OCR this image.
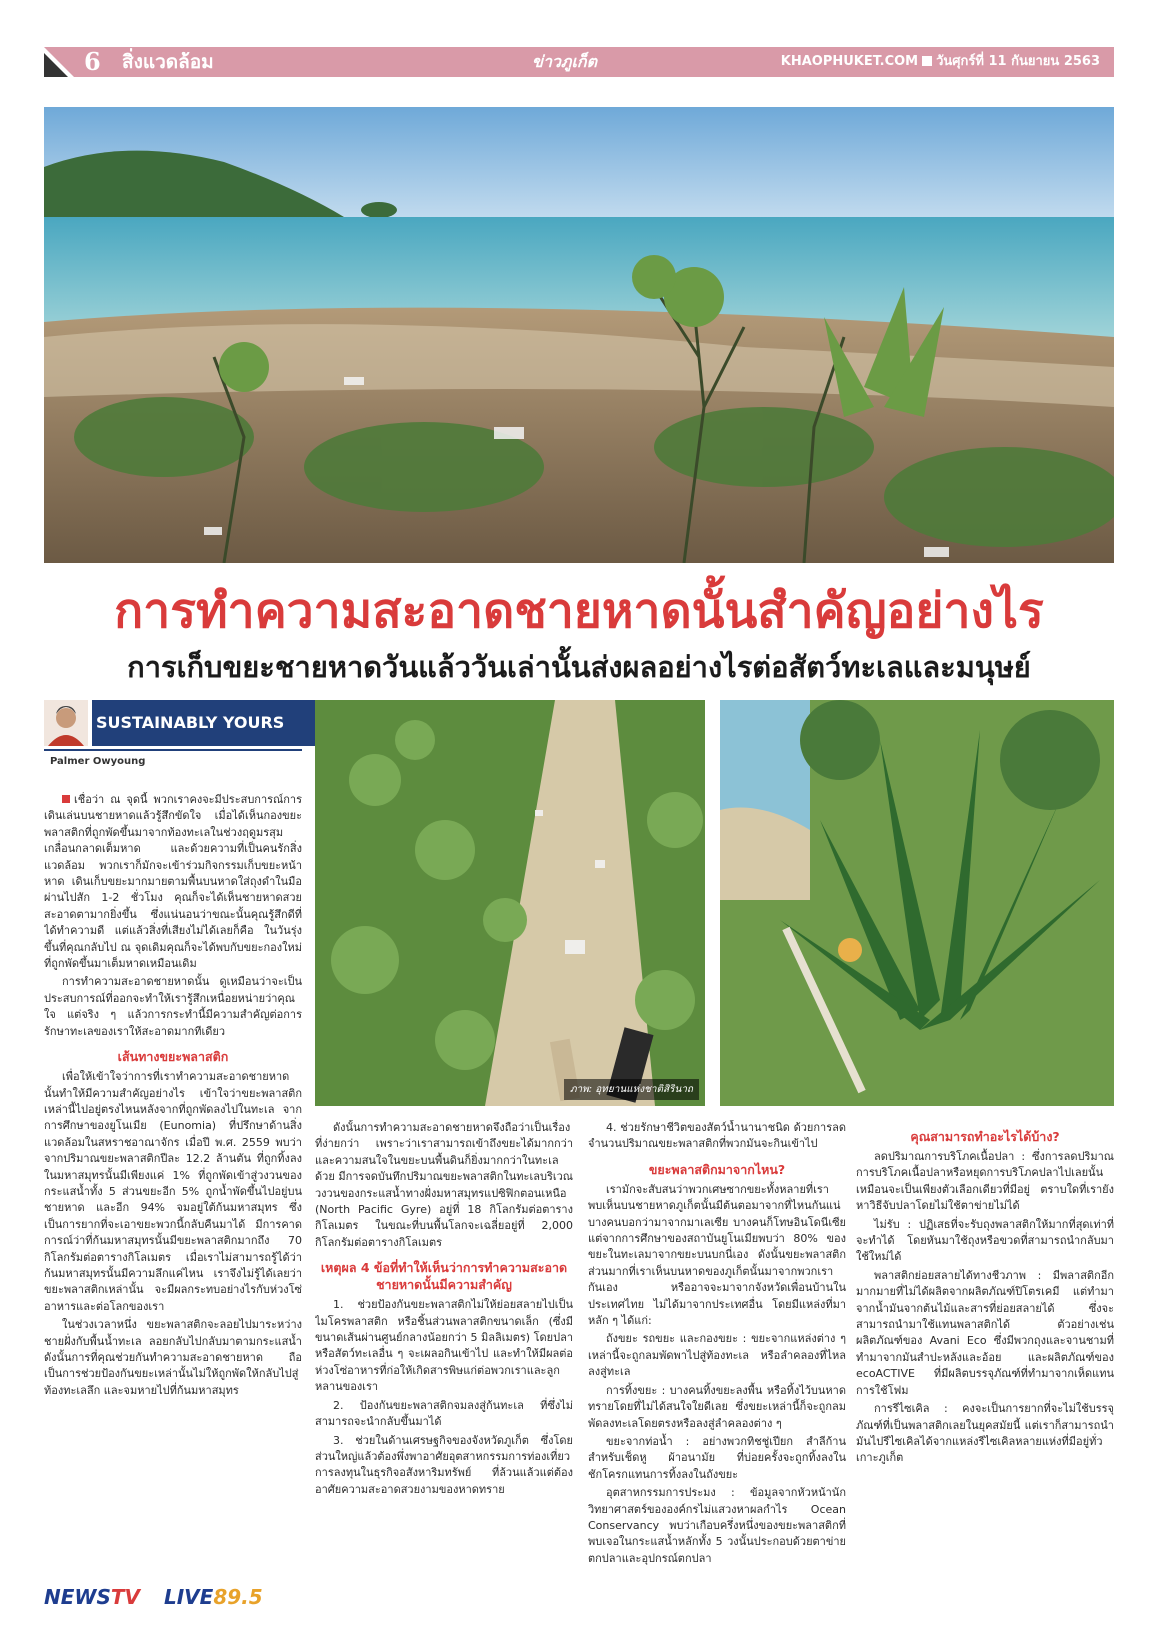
6 สิ่งแวดล้อม	ข่าวภูเก็ต	KHAOPHUKET.COM วันศุกร์ที่ 11 กันยายน 2563
การทำความสะอาดชายหาดนั้นสำคัญอย่างไร
การเก็บขยะชายหาดวันแล้ววันเล่านั้นส่งผลอย่างไรต่อสัตว์ทะเลและมนุษย์
SUSTAINABLY YOURS
Palmer Owyoung
ภาพ: อุทยานแห่งชาติสิรินาถ

เชื่อว่า ณ จุดนี้ พวกเราคงจะมีประสบการณ์การเดินเล่นบนชายหาดแล้วรู้สึกขัดใจ เมื่อได้เห็นกองขยะพลาสติกที่ถูกพัดขึ้นมาจากท้องทะเลในช่วงฤดูมรสุมเกลื่อนกลาดเต็มหาด และด้วยความที่เป็นคนรักสิ่งแวดล้อม พวกเราก็มักจะเข้าร่วมกิจกรรมเก็บขยะหน้าหาด เดินเก็บขยะมากมายตามพื้นบนหาดใส่ถุงดำในมือ ผ่านไปสัก 1-2 ชั่วโมง คุณก็จะได้เห็นชายหาดสวยสะอาดตามากยิ่งขึ้น ซึ่งแน่นอนว่าขณะนั้นคุณรู้สึกดีที่ได้ทำความดี แต่แล้วสิ่งที่เสียงไม่ได้เลยก็คือ ในวันรุ่งขึ้นที่คุณกลับไป ณ จุดเดิมคุณก็จะได้พบกับขยะกองใหม่ที่ถูกพัดขึ้นมาเต็มหาดเหมือนเดิม

การทำความสะอาดชายหาดนั้น ดูเหมือนว่าจะเป็นประสบการณ์ที่ออกจะทำให้เรารู้สึกเหนื่อยหน่ายว่าคุณใจ แต่จริง ๆ แล้วการกระทำนี้มีความสำคัญต่อการรักษาทะเลของเราให้สะอาดมากทีเดียว

เส้นทางขยะพลาสติก

เพื่อให้เข้าใจว่าการที่เราทำความสะอาดชายหาดนั้นทำให้มีความสำคัญอย่างไร เข้าใจว่าขยะพลาสติกเหล่านี้ไปอยู่ตรงไหนหลังจากที่ถูกพัดลงไปในทะเล จากการศึกษาของยูโนเมีย (Eunomia) ที่ปรึกษาด้านสิ่งแวดล้อมในสหราชอาณาจักร เมื่อปี พ.ศ. 2559 พบว่าจากปริมาณขยะพลาสติกปีละ 12.2 ล้านตัน ที่ถูกทิ้งลงในมหาสมุทรนั้นมีเพียงแค่ 1% ที่ถูกพัดเข้าสู่วงวนของกระแสน้ำทั้ง 5 ส่วนขยะอีก 5% ถูกน้ำพัดขึ้นไปอยู่บนชายหาด และอีก 94% จมอยู่ใต้ก้นมหาสมุทร ซึ่งเป็นการยากที่จะเอาขยะพวกนี้กลับคืนมาได้ มีการคาดการณ์ว่าที่ก้นมหาสมุทรนั้นมีขยะพลาสติกมากถึง 70 กิโลกรัมต่อตารางกิโลเมตร เมื่อเราไม่สามารถรู้ได้ว่าก้นมหาสมุทรนั้นมีความลึกแค่ไหน เราจึงไม่รู้ได้เลยว่าขยะพลาสติกเหล่านั้น จะมีผลกระทบอย่างไรกับห่วงโซ่อาหารและต่อโลกของเรา

ในช่วงเวลาหนึ่ง ขยะพลาสติกจะลอยไปมาระหว่างชายฝั่งกับพื้นน้ำทะเล ลอยกลับไปกลับมาตามกระแสน้ำ ดังนั้นการที่คุณช่วยกันทำความสะอาดชายหาด ถือเป็นการช่วยป้องกันขยะเหล่านั้นไม่ให้ถูกพัดให้กลับไปสู่ท้องทะเลลึก และจมหายไปที่ก้นมหาสมุทร

ดังนั้นการทำความสะอาดชายหาดจึงถือว่าเป็นเรื่องที่ง่ายกว่า เพราะว่าเราสามารถเข้าถึงขยะได้มากกว่า และความสนใจในขยะบนพื้นดินก็ยิ่งมากกว่าในทะเลด้วย มีการจดบันทึกปริมาณขยะพลาสติกในทะเลบริเวณวงวนของกระแสน้ำทางฝั่งมหาสมุทรแปซิฟิกตอนเหนือ (North Pacific Gyre) อยู่ที่ 18 กิโลกรัมต่อตารางกิโลเมตร ในขณะที่บนพื้นโลกจะเฉลี่ยอยู่ที่ 2,000 กิโลกรัมต่อตารางกิโลเมตร

เหตุผล 4 ข้อที่ทำให้เห็นว่าการทำความสะอาดชายหาดนั้นมีความสำคัญ

1. ช่วยป้องกันขยะพลาสติกไม่ให้ย่อยสลายไปเป็นไมโครพลาสติก หรือชิ้นส่วนพลาสติกขนาดเล็ก (ซึ่งมีขนาดเส้นผ่านศูนย์กลางน้อยกว่า 5 มิลลิเมตร) โดยปลาหรือสัตว์ทะเลอื่น ๆ จะเผลอกินเข้าไป และทำให้มีผลต่อห่วงโซ่อาหารที่ก่อให้เกิดสารพิษแก่ต่อพวกเราและลูกหลานของเรา

2. ป้องกันขยะพลาสติกจมลงสู่ก้นทะเล ที่ซึ่งไม่สามารถจะนำกลับขึ้นมาได้

3. ช่วยในด้านเศรษฐกิจของจังหวัดภูเก็ต ซึ่งโดยส่วนใหญ่แล้วต้องพึ่งพาอาศัยอุตสาหกรรมการท่องเที่ยว การลงทุนในธุรกิจอสังหาริมทรัพย์ ที่ล้วนแล้วแต่ต้องอาศัยความสะอาดสวยงามของหาดทราย

4. ช่วยรักษาชีวิตของสัตว์น้ำนานาชนิด ด้วยการลดจำนวนปริมาณขยะพลาสติกที่พวกมันจะกินเข้าไป

ขยะพลาสติกมาจากไหน?

เรามักจะสับสนว่าพวกเศษซากขยะทั้งหลายที่เราพบเห็นบนชายหาดภูเก็ตนั้นมีต้นตอมาจากที่ไหนกันแน่ บางคนบอกว่ามาจากมาเลเซีย บางคนก็โทษอินโดนีเซีย แต่จากการศึกษาของสถาบันยูโนเมียพบว่า 80% ของขยะในทะเลมาจากขยะบนบกนี่เอง ดังนั้นขยะพลาสติกส่วนมากที่เราเห็นบนหาดของภูเก็ตนั้นมาจากพวกเรากันเอง หรืออาจจะมาจากจังหวัดเพื่อนบ้านในประเทศไทย ไม่ได้มาจากประเทศอื่น โดยมีแหล่งที่มาหลัก ๆ ได้แก่:

ถังขยะ รถขยะ และกองขยะ : ขยะจากแหล่งต่าง ๆ เหล่านี้จะถูกลมพัดพาไปสู่ท้องทะเล หรือลำคลองที่ไหลลงสู่ทะเล

การทิ้งขยะ : บางคนทิ้งขยะลงพื้น หรือทิ้งไว้บนหาดทรายโดยที่ไม่ได้สนใจใยดีเลย ซึ่งขยะเหล่านี้ก็จะถูกลมพัดลงทะเลโดยตรงหรือลงสู่ลำคลองต่าง ๆ

ขยะจากท่อน้ำ : อย่างพวกทิชชู่เปียก สำลีก้าน สำหรับเช็ดหู ผ้าอนามัย ที่บ่อยครั้งจะถูกทิ้งลงในชักโครกแทนการทิ้งลงในถังขยะ

อุตสาหกรรมการประมง : ข้อมูลจากหัวหน้านักวิทยาศาสตร์ขององค์กรไม่แสวงหาผลกำไร Ocean Conservancy พบว่าเกือบครึ่งหนึ่งของขยะพลาสติกที่พบเจอในกระแสน้ำหลักทั้ง 5 วงนั้นประกอบด้วยตาข่ายตกปลาและอุปกรณ์ตกปลา

คุณสามารถทำอะไรได้บ้าง?

ลดปริมาณการบริโภคเนื้อปลา : ซึ่งการลดปริมาณการบริโภคเนื้อปลาหรือหยุดการบริโภคปลาไปเลยนั้น เหมือนจะเป็นเพียงตัวเลือกเดียวที่มีอยู่ ตราบใดที่เรายังหาวิธีจับปลาโดยไม่ใช้ตาข่ายไม่ได้

ไม่รับ : ปฏิเสธที่จะรับถุงพลาสติกให้มากที่สุดเท่าที่จะทำได้ โดยหันมาใช้ถุงหรือขวดที่สามารถนำกลับมาใช้ใหม่ได้

พลาสติกย่อยสลายได้ทางชีวภาพ : มีพลาสติกอีกมากมายที่ไม่ได้ผลิตจากผลิตภัณฑ์ปิโตรเคมี แต่ทำมาจากน้ำมันจากต้นไม้และสารที่ย่อยสลายได้ ซึ่งจะสามารถนำมาใช้แทนพลาสติกได้ ตัวอย่างเช่น ผลิตภัณฑ์ของ Avani Eco ซึ่งมีพวกถุงและจานชามที่ทำมาจากมันสำปะหลังและอ้อย และผลิตภัณฑ์ของ ecoACTIVE ที่มีผลิตบรรจุภัณฑ์ที่ทำมาจากเห็ดแทนการใช้โฟม

การรีไซเคิล : คงจะเป็นการยากที่จะไม่ใช้บรรจุภัณฑ์ที่เป็นพลาสติกเลยในยุคสมัยนี้ แต่เราก็สามารถนำมันไปรีไซเคิลได้จากแหล่งรีไซเคิลหลายแห่งที่มีอยู่ทั่วเกาะภูเก็ต

NEWSTV LIVE89.5
